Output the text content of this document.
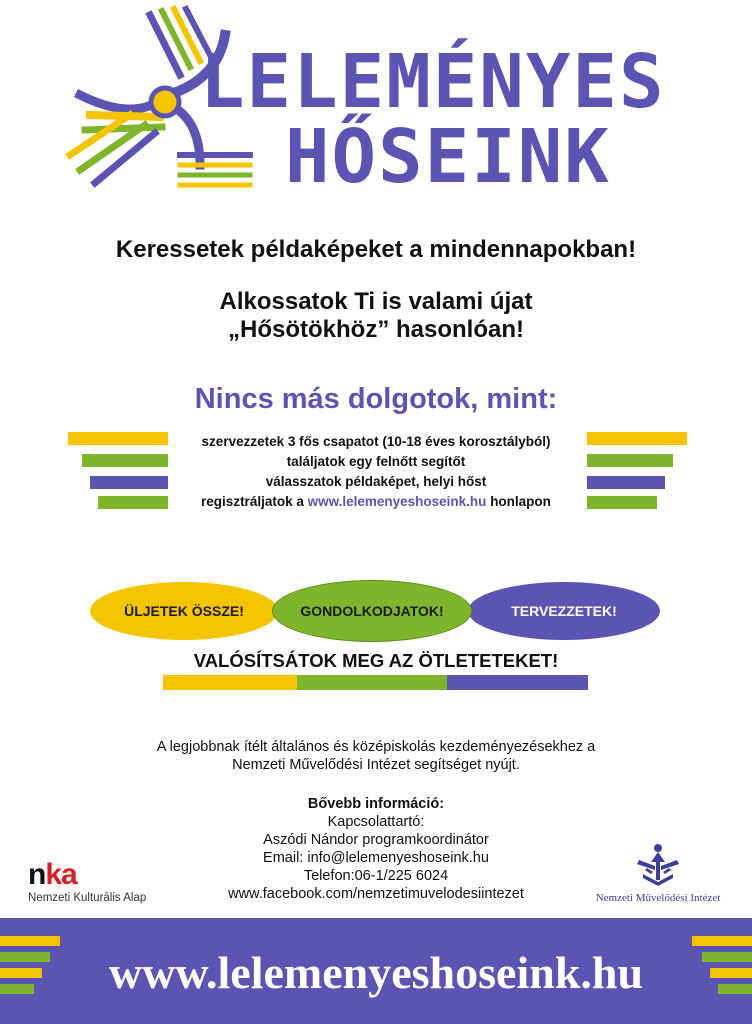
LELEMÉNYES
HŐSEINK
Keressetek példaképeket a mindennapokban!
Alkossatok Ti is valami újat
„Hősötökhöz” hasonlóan!
Nincs más dolgotok, mint:
szervezzetek 3 fős csapatot (10-18 éves korosztályból)
találjatok egy felnőtt segítőt
válasszatok példaképet, helyi hőst
regisztráljatok a www.lelemenyeshoseink.hu honlapon
ÜLJETEK ÖSSZE!	TERVEZZETEK!
GONDOLKODJATOK!
VALÓSÍTSÁTOK MEG AZ ÖTLETETEKET!
A legjobbnak ítélt általános és középiskolás kezdeményezésekhez a
Nemzeti Művelődési Intézet segítséget nyújt.
Bővebb információ:
Kapcsolattartó:
Aszódi Nándor programkoordinátor
Email: info@lelemenyeshoseink.hu
Telefon:06-1/225 6024
www.facebook.com/nemzetimuvelodesiintezet
nka
Nemzeti Kulturális Alap	Nemzeti Művelődési Intézet
www.lelemenyeshoseink.hu
